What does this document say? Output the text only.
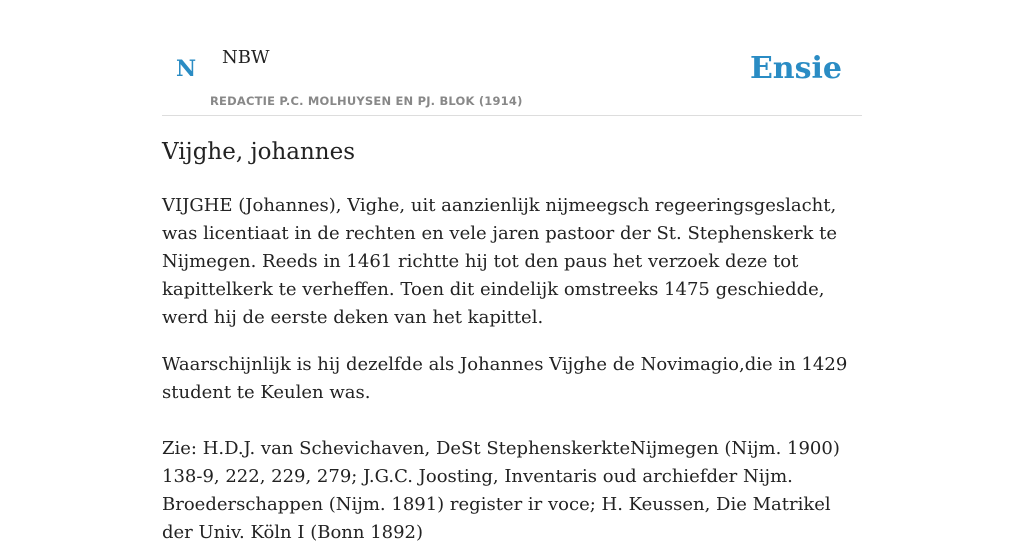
N NBW
REDACTIE P.C. MOLHUYSEN EN PJ. BLOK (1914)
Ensie
Vijghe, johannes

VIJGHE (Johannes), Vighe, uit aanzienlijk nijmeegsch regeeringsgeslacht, was licentiaat in de rechten en vele jaren pastoor der St. Stephenskerk te Nijmegen. Reeds in 1461 richtte hij tot den paus het verzoek deze tot kapittelkerk te verheffen. Toen dit eindelijk omstreeks 1475 geschiedde, werd hij de eerste deken van het kapittel.

Waarschijnlijk is hij dezelfde als Johannes Vijghe de Novimagio,die in 1429 student te Keulen was.

Zie: H.D.J. van Schevichaven, DeSt StephenskerkteNijmegen (Nijm. 1900) 138-9, 222, 229, 279; J.G.C. Joosting, Inventaris oud archiefder Nijm. Broederschappen (Nijm. 1891) register ir voce; H. Keussen, Die Matrikel der Univ. Köln I (Bonn 1892)
